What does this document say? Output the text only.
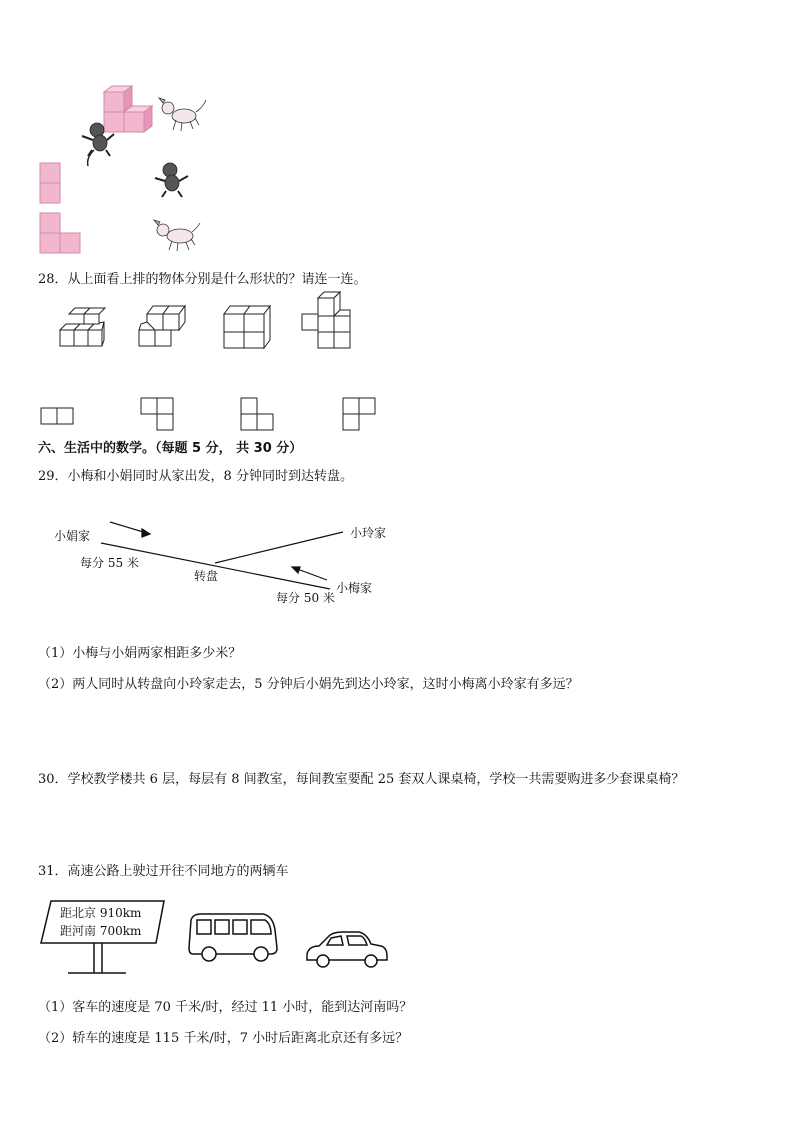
28．从上面看上排的物体分别是什么形状的？请连一连。
六、生活中的数学。（每题 5 分， 共 30 分）
29．小梅和小娟同时从家出发，8 分钟同时到达转盘。
小娟家
每分 55 米
转盘
小玲家
小梅家
每分 50 米
（1）小梅与小娟两家相距多少米？
（2）两人同时从转盘向小玲家走去，5 分钟后小娟先到达小玲家，这时小梅离小玲家有多远？
30．学校教学楼共 6 层，每层有 8 间教室，每间教室要配 25 套双人课桌椅，学校一共需要购进多少套课桌椅？
31．高速公路上驶过开往不同地方的两辆车
距北京 910km
距河南 700km
（1）客车的速度是 70 千米/时，经过 11 小时，能到达河南吗？
（2）轿车的速度是 115 千米/时，7 小时后距离北京还有多远？
